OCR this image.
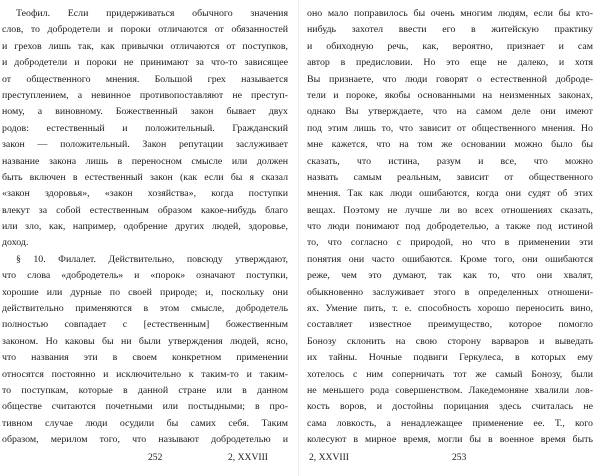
Теофил. Если придерживаться обычного значения
слов, то добродетели и пороки отличаются от обязанностей
и грехов лишь так, как привычки отличаются от поступков,
и добродетели и пороки не принимают за что-то зависящее
от общественного мнения. Большой грех называется
преступлением, а невинное противопоставляют не преступ-
ному, а виновному. Божественный закон бывает двух
родов: естественный и положительный. Гражданский
закон — положительный. Закон репутации заслуживает
название закона лишь в переносном смысле или должен
быть включен в естественный закон (как если бы я сказал
«закон здоровья», «закон хозяйства», когда поступки
влекут за собой естественным образом какое-нибудь благо
или зло, как, например, одобрение других людей, здоровье,
доход.
§ 10. Филалет. Действительно, повсюду утверждают,
что слова «добродетель» и «порок» означают поступки,
хорошие или дурные по своей природе; и, поскольку они
действительно применяются в этом смысле, добродетель
полностью совпадает с [естественным] божественным
законом. Но каковы бы ни были утверждения людей, ясно,
что названия эти в своем конкретном применении
относятся постоянно и исключительно к таким-то и таким-
то поступкам, которые в данной стране или в данном
обществе считаются почетными или постыдными; в про-
тивном случае люди осудили бы самих себя. Таким
образом, мерилом того, что называют добродетелью и
оно мало поправилось бы очень многим людям, если бы кто-
нибудь захотел ввести его в житейскую практику
и обиходную речь, как, вероятно, признает и сам
автор в предисловии. Но это еще не далеко, и хотя
Вы признаете, что люди говорят о естественной доброде-
тели и пороке, якобы основанными на неизменных законах,
однако Вы утверждаете, что на самом деле они имеют
под этим лишь то, что зависит от общественного мнения. Но
мне кажется, что на том же основании можно было бы
сказать, что истина, разум и все, что можно
назвать самым реальным, зависит от общественного
мнения. Так как люди ошибаются, когда они судят об этих
вещах. Поэтому не лучше ли во всех отношениях сказать,
что люди понимают под добродетелью, а также под истиной
то, что согласно с природой, но что в применении эти
понятия они часто ошибаются. Кроме того, они ошибаются
реже, чем это думают, так как то, что они хвалят,
обыкновенно заслуживает этого в определенных отношени-
ях. Умение пить, т. е. способность хорошо переносить вино,
составляет известное преимущество, которое помогло
Бонозу склонить на свою сторону варваров и выведать
их тайны. Ночные подвиги Геркулеса, в которых ему
хотелось с ним соперничать тот же самый Бонозу, были
не меньшего рода совершенством. Лакедемоняне хвалили лов-
кость воров, и достойны порицания здесь считалась не
сама ловкость, а ненадлежащее применение ее. Т., кого
колесуют в мирное время, могли бы в военное время быть
252	2, XXVIII	2, XXVIII	253
